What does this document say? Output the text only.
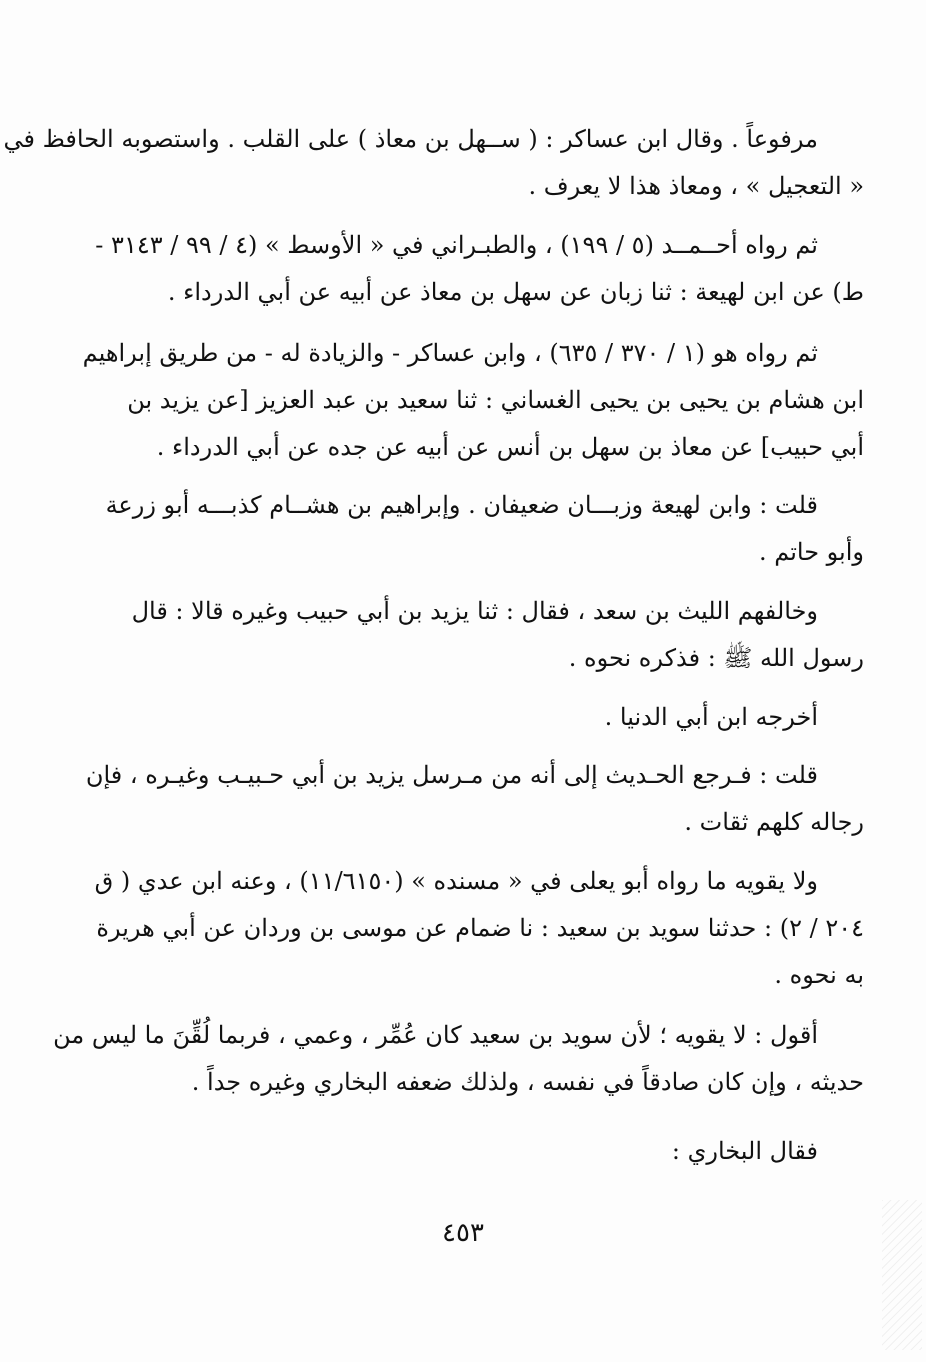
مرفوعاً . وقال ابن عساكر : ( ســهل بن معاذ ) على القلب . واستصوبه الحافظ في
« التعجيل » ، ومعاذ هذا لا يعرف .
ثم رواه أحــمــد (٥ / ١٩٩) ، والطبـراني في « الأوسط » (٤ / ٩٩ / ٣١٤٣ -
ط) عن ابن لهيعة : ثنا زبان عن سهل بن معاذ عن أبيه عن أبي الدرداء .
ثم رواه هو (١ / ٣٧٠ / ٦٣٥) ، وابن عساكر - والزيادة له - من طريق إبراهيم
ابن هشام بن يحيى بن يحيى الغساني : ثنا سعيد بن عبد العزيز [عن يزيد بن
أبي حبيب] عن معاذ بن سهل بن أنس عن أبيه عن جده عن أبي الدرداء .
قلت : وابن لهيعة وزبـــان ضعيفان . وإبراهيم بن هشــام كذبـــه أبو زرعة
وأبو حاتم .
وخالفهم الليث بن سعد ، فقال : ثنا يزيد بن أبي حبيب وغيره قالا : قال
رسول الله ﷺ : فذكره نحوه .
أخرجه ابن أبي الدنيا .
قلت : فـرجع الحـديث إلى أنه من مـرسل يزيد بن أبي حـبيـب وغيـره ، فإن
رجاله كلهم ثقات .
ولا يقويه ما رواه أبو يعلى في « مسنده » (١١/٦١٥٠) ، وعنه ابن عدي ( ق
٢٠٤ / ٢) : حدثنا سويد بن سعيد : نا ضمام عن موسى بن وردان عن أبي هريرة
به نحوه .
أقول : لا يقويه ؛ لأن سويد بن سعيد كان عُمِّر ، وعمي ، فربما لُقِّنَ ما ليس من
حديثه ، وإن كان صادقاً في نفسه ، ولذلك ضعفه البخاري وغيره جداً .
فقال البخاري :
٤٥٣
